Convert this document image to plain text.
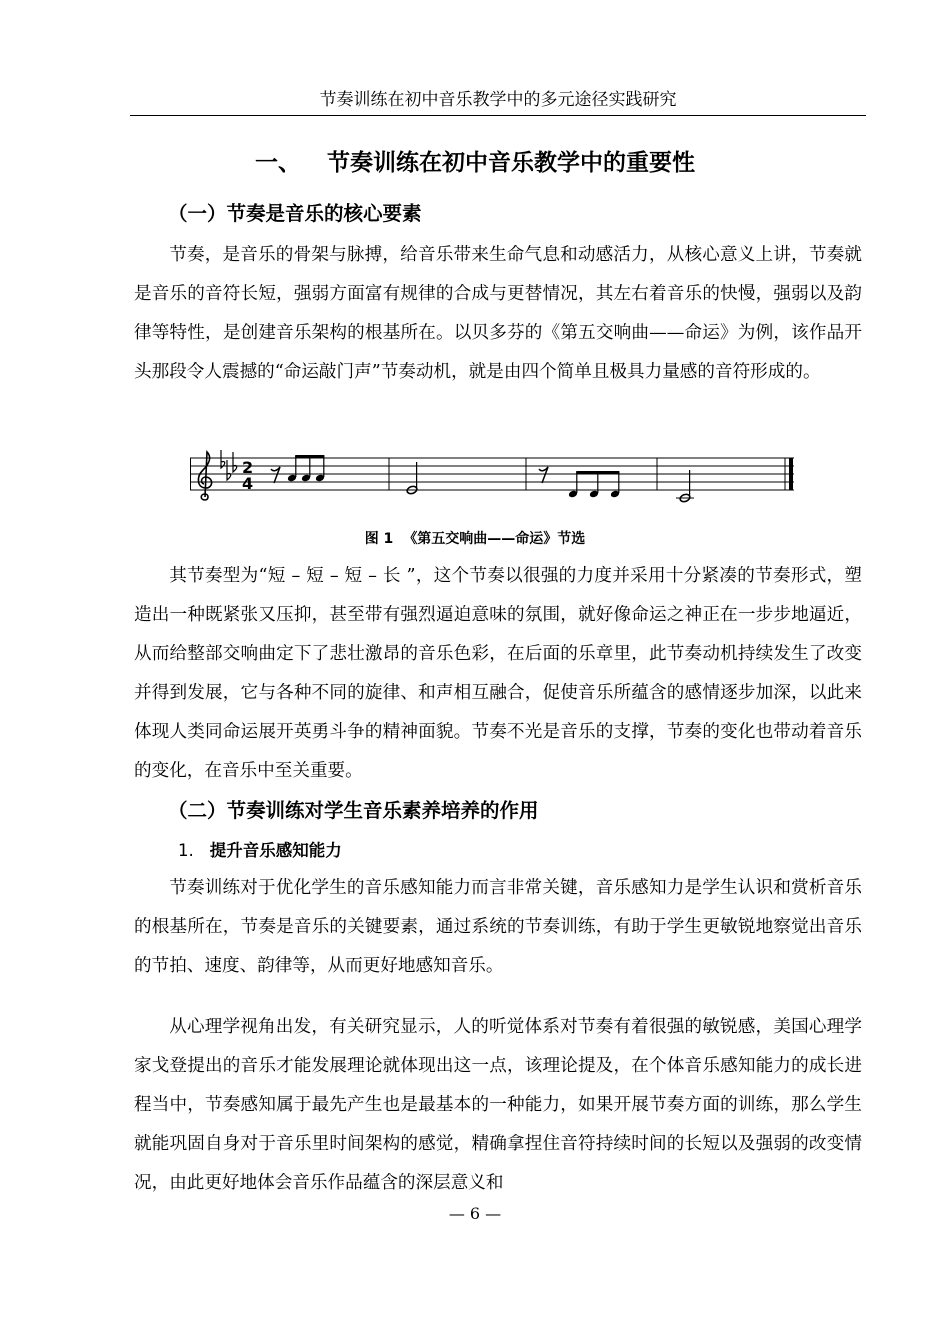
节奏训练在初中音乐教学中的多元途径实践研究
一、 节奏训练在初中音乐教学中的重要性
（一）节奏是音乐的核心要素

节奏，是音乐的骨架与脉搏，给音乐带来生命气息和动感活力，从核心意义上讲，节奏就是音乐的音符长短，强弱方面富有规律的合成与更替情况，其左右着音乐的快慢，强弱以及韵律等特性，是创建音乐架构的根基所在。以贝多芬的《第五交响曲——命运》为例，该作品开头那段令人震撼的“命运敲门声”节奏动机，就是由四个简单且极具力量感的音符形成的。

2
4
图 1 《第五交响曲——命运》节选

其节奏型为“短 – 短 – 短 – 长 ”，这个节奏以很强的力度并采用十分紧凑的节奏形式，塑造出一种既紧张又压抑，甚至带有强烈逼迫意味的氛围，就好像命运之神正在一步步地逼近，从而给整部交响曲定下了悲壮激昂的音乐色彩，在后面的乐章里，此节奏动机持续发生了改变并得到发展，它与各种不同的旋律、和声相互融合，促使音乐所蕴含的感情逐步加深，以此来体现人类同命运展开英勇斗争的精神面貌。节奏不光是音乐的支撑，节奏的变化也带动着音乐的变化，在音乐中至关重要。

（二）节奏训练对学生音乐素养培养的作用
1. 提升音乐感知能力

节奏训练对于优化学生的音乐感知能力而言非常关键，音乐感知力是学生认识和赏析音乐的根基所在，节奏是音乐的关键要素，通过系统的节奏训练，有助于学生更敏锐地察觉出音乐的节拍、速度、韵律等，从而更好地感知音乐。

从心理学视角出发，有关研究显示，人的听觉体系对节奏有着很强的敏锐感，美国心理学家戈登提出的音乐才能发展理论就体现出这一点，该理论提及，在个体音乐感知能力的成长进程当中，节奏感知属于最先产生也是最基本的一种能力，如果开展节奏方面的训练，那么学生就能巩固自身对于音乐里时间架构的感觉，精确拿捏住音符持续时间的长短以及强弱的改变情况，由此更好地体会音乐作品蕴含的深层意义和

— 6 —
